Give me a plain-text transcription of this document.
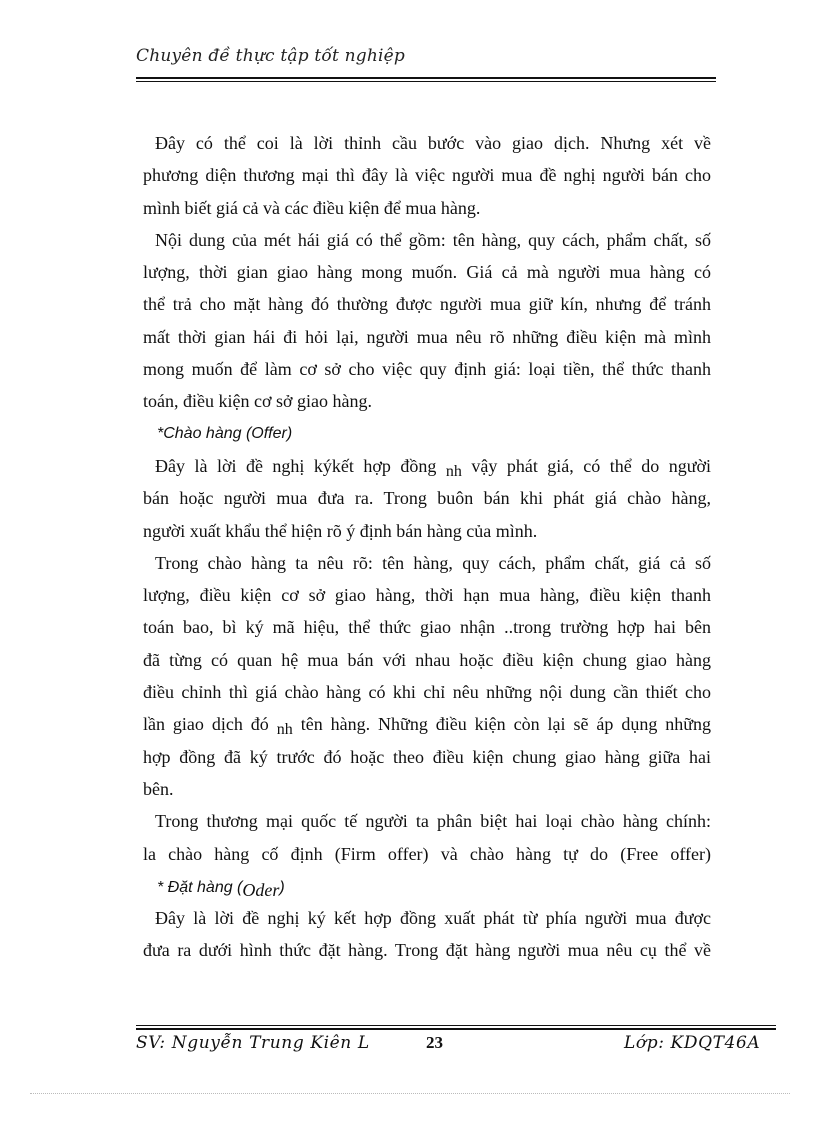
Chuyên đề thực tập tốt nghiệp
Đây có thể coi là lời thỉnh cầu bước vào giao dịch. Nhưng xét về
phương diện thương mại thì đây là việc người mua đề nghị người bán cho
mình biết giá cả và các điều kiện để mua hàng.
Nội dung của mét hái giá có thể gồm: tên hàng, quy cách, phẩm chất, số
lượng, thời gian giao hàng mong muốn. Giá cả mà người mua hàng có
thể trả cho mặt hàng đó thường được người mua giữ kín, nhưng để tránh
mất thời gian hái đi hỏi lại, người mua nêu rõ những điều kiện mà mình
mong muốn để làm cơ sở cho việc quy định giá: loại tiền, thể thức thanh
toán, điều kiện cơ sở giao hàng.
*Chào hàng (Offer)
Đây là lời đề nghị kýkết hợp đồng nh vậy phát giá, có thể do người
bán hoặc người mua đưa ra. Trong buôn bán khi phát giá chào hàng,
người xuất khẩu thể hiện rõ ý định bán hàng của mình.
Trong chào hàng ta nêu rõ: tên hàng, quy cách, phẩm chất, giá cả số
lượng, điều kiện cơ sở giao hàng, thời hạn mua hàng, điều kiện thanh
toán bao, bì ký mã hiệu, thể thức giao nhận ..trong trường hợp hai bên
đã từng có quan hệ mua bán với nhau hoặc điều kiện chung giao hàng
điều chỉnh thì giá chào hàng có khi chỉ nêu những nội dung cần thiết cho
lần giao dịch đó nh tên hàng. Những điều kiện còn lại sẽ áp dụng những
hợp đồng đã ký trước đó hoặc theo điều kiện chung giao hàng giữa hai
bên.
Trong thương mại quốc tế người ta phân biệt hai loại chào hàng chính:
la chào hàng cố định (Firm offer) và chào hàng tự do (Free offer)
* Đặt hàng (Oder)
Đây là lời đề nghị ký kết hợp đồng xuất phát từ phía người mua được
đưa ra dưới hình thức đặt hàng. Trong đặt hàng người mua nêu cụ thể về
SV: Nguyễn Trung Kiên L	23	Lớp: KDQT46A
